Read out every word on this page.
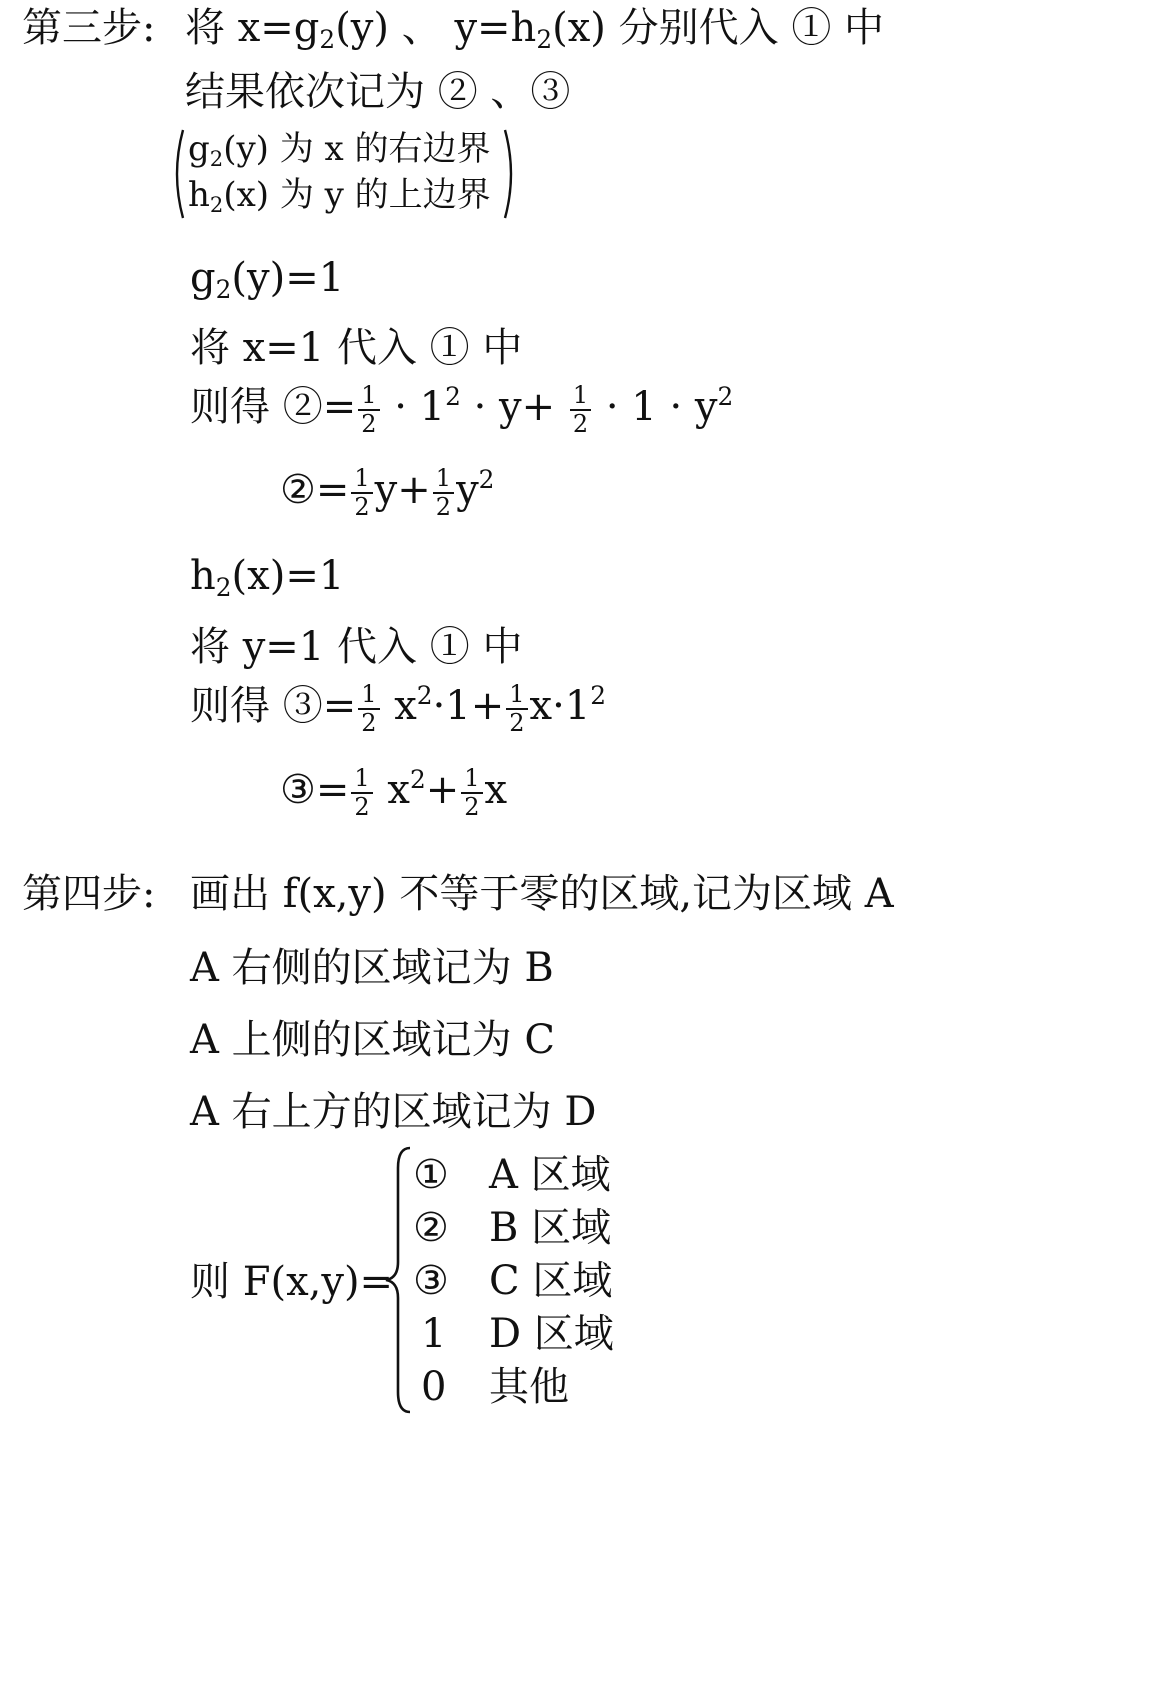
第三步: 将 $x=g_2(y)$ 、 $y=h_2(x)$ 分别代入 ① 中
结果依次记为 ② 、③
$g_2(y)$ 为 x 的右边界
$h_2(x)$ 为 y 的上边界
$g_2(y)=1$
将 x=1 代入 ① 中
则得 ②= $\frac{1}{2} \cdot 1^2 \cdot y+ \frac{1}{2} \cdot 1 \cdot y^2$
②= $\frac{1}{2} y+ \frac{1}{2} y^2$
$h_2(x)=1$
将 y=1 代入 ① 中
则得 ③= $\frac{1}{2} x^2\cdot 1+ \frac{1}{2} x\cdot 1^2$
③= $\frac{1}{2} x^2+ \frac{1}{2}$ x
第四步: 画出 f(x,y) 不等于零的区域,记为区域 A
A 右侧的区域记为 B
A 上侧的区域记为 C
A 右上方的区域记为 D
则 F(x,y)=
① A 区域
② B 区域
③ C 区域
1 D 区域
0 其他
